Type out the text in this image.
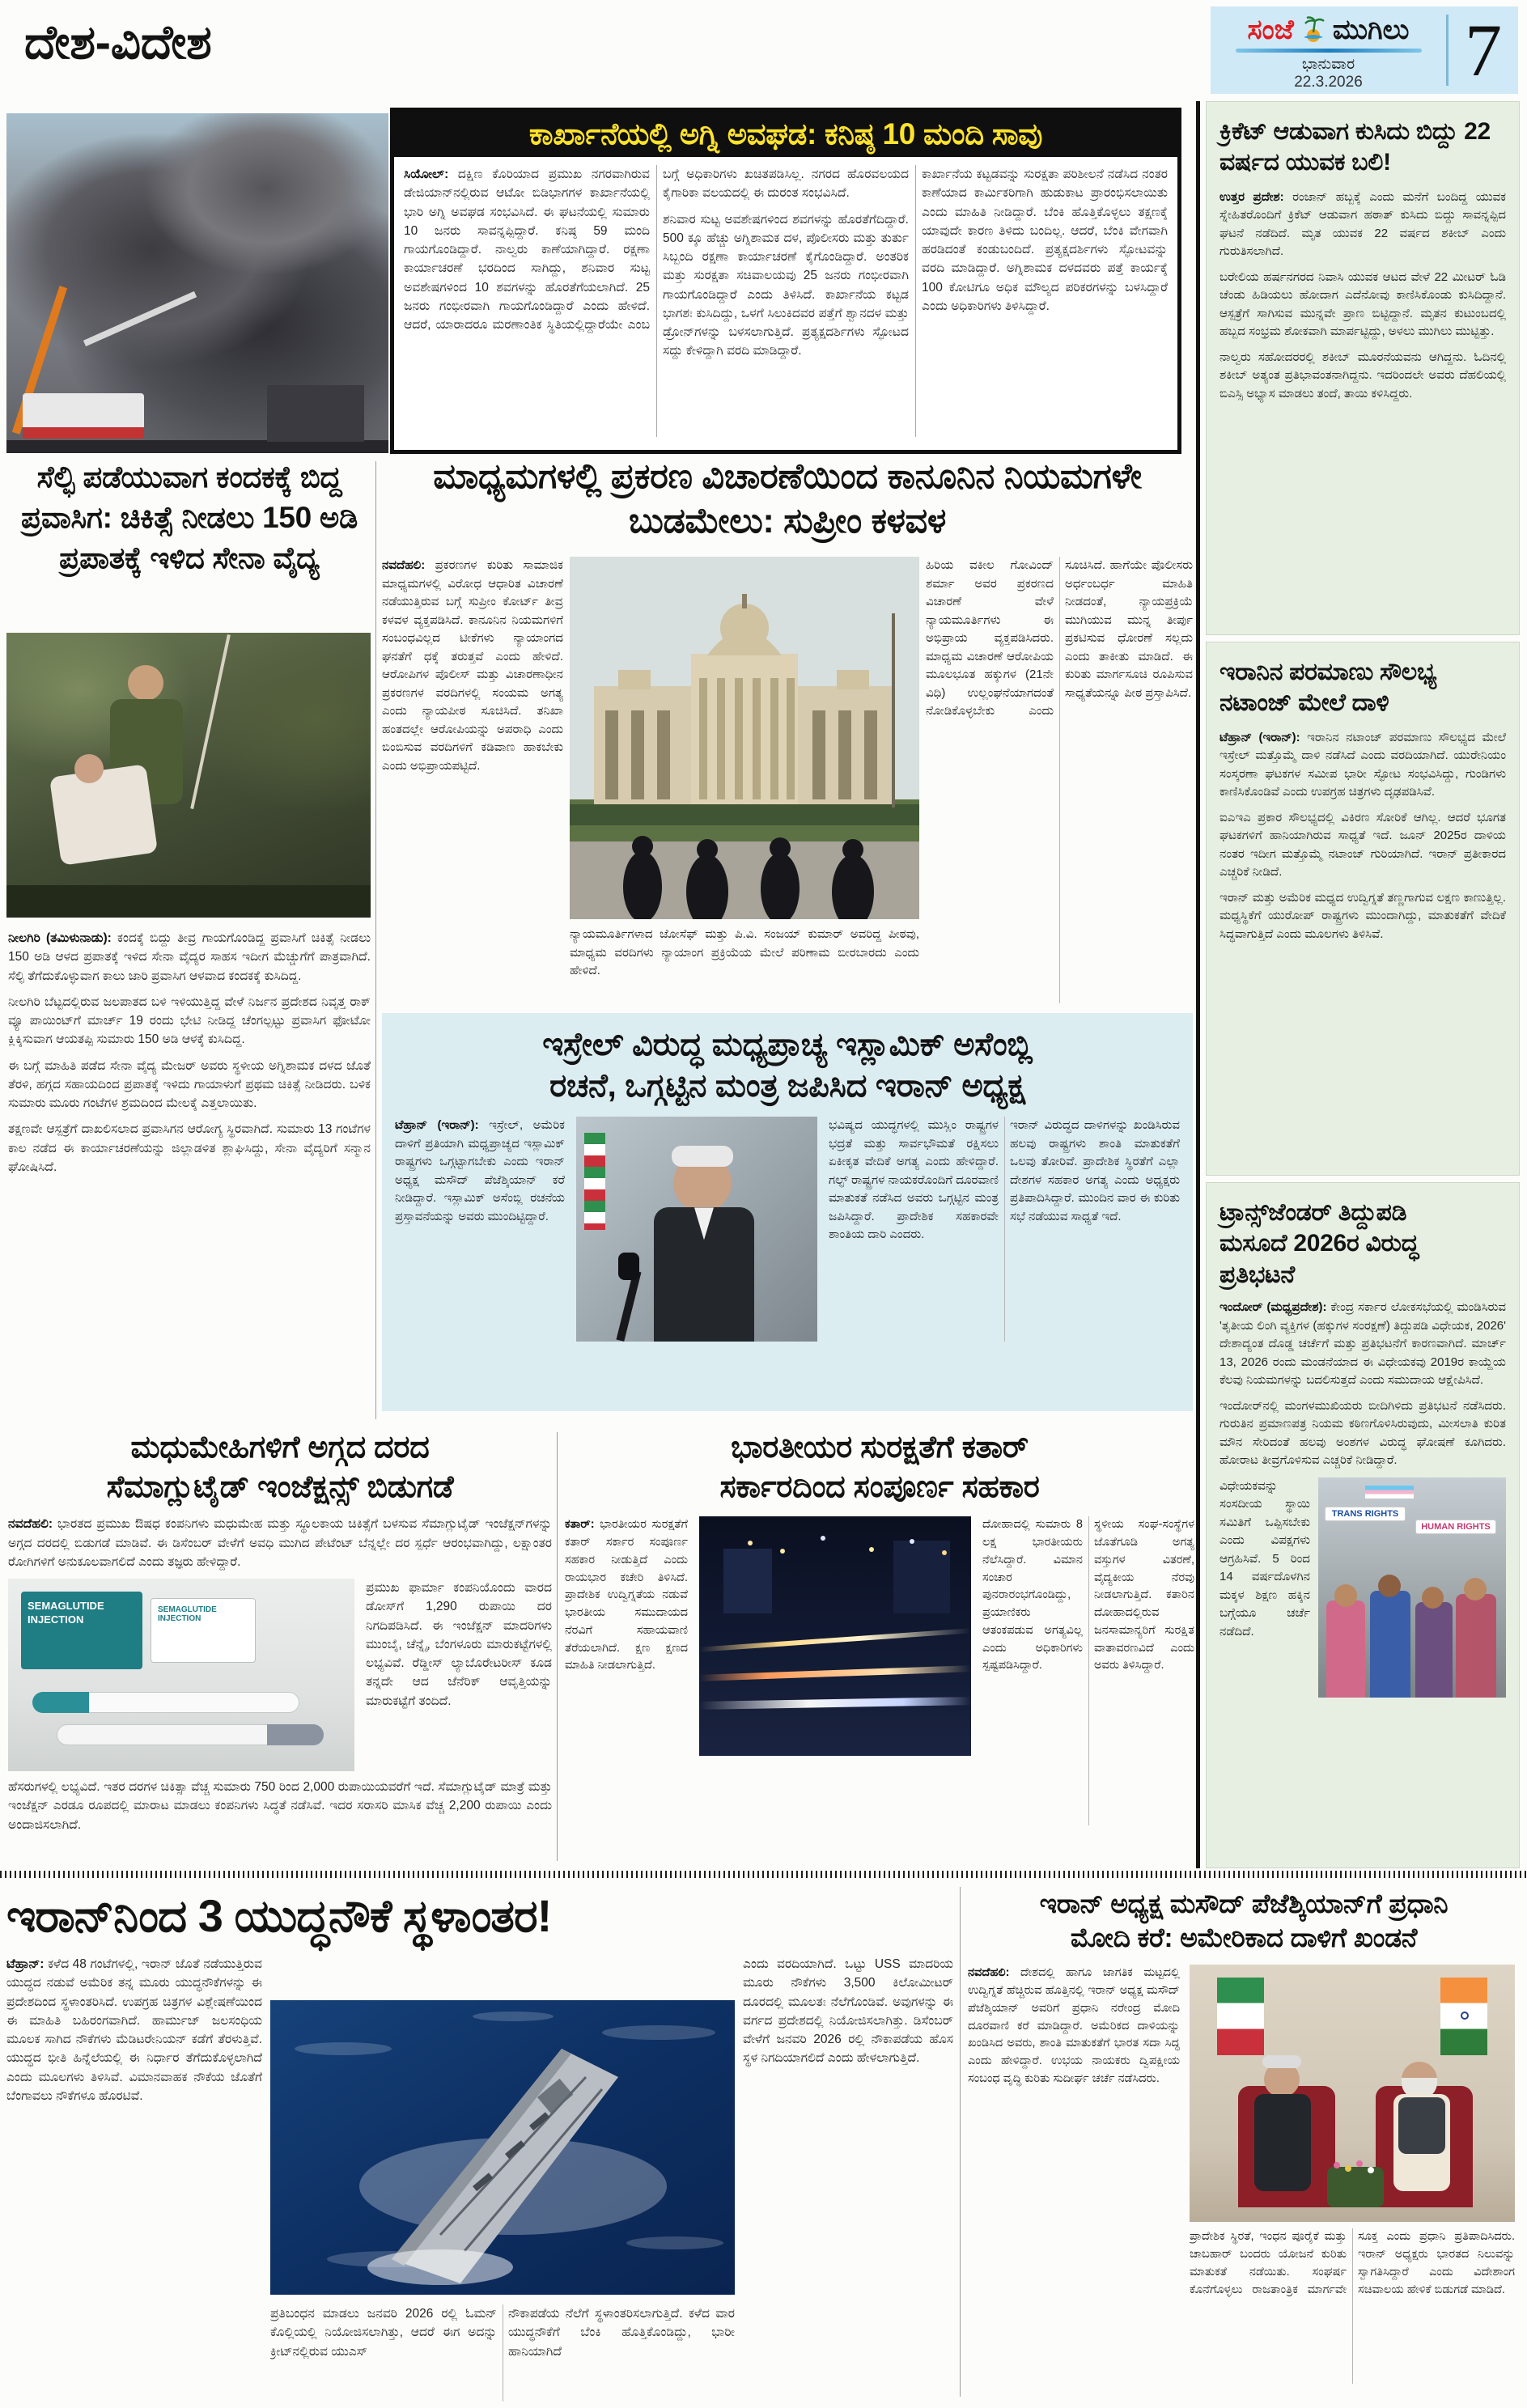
ದೇಶ-ವಿದೇಶ	ಸಂಜೆ ಮುಗಿಲು
ಭಾನುವಾರ
22.3.2026	7
ಕಾರ್ಖಾನೆಯಲ್ಲಿ ಅಗ್ನಿ ಅವಘಡ: ಕನಿಷ್ಠ 10 ಮಂದಿ ಸಾವು

ಸಿಯೋಲ್: ದಕ್ಷಿಣ ಕೊರಿಯಾದ ಪ್ರಮುಖ ನಗರವಾಗಿರುವ ಡೇಜಿಯಾನ್‌ನಲ್ಲಿರುವ ಆಟೋ ಬಿಡಿಭಾಗಗಳ ಕಾರ್ಖಾನೆಯಲ್ಲಿ ಭಾರಿ ಅಗ್ನಿ ಅವಘಡ ಸಂಭವಿಸಿದೆ. ಈ ಘಟನೆಯಲ್ಲಿ ಸುಮಾರು 10 ಜನರು ಸಾವನ್ನಪ್ಪಿದ್ದಾರೆ. ಕನಿಷ್ಠ 59 ಮಂದಿ ಗಾಯಗೊಂಡಿದ್ದಾರೆ. ನಾಲ್ವರು ಕಾಣೆಯಾಗಿದ್ದಾರೆ. ರಕ್ಷಣಾ ಕಾರ್ಯಾಚರಣೆ ಭರದಿಂದ ಸಾಗಿದ್ದು, ಶನಿವಾರ ಸುಟ್ಟ ಅವಶೇಷಗಳಿಂದ 10 ಶವಗಳನ್ನು ಹೊರತೆಗೆಯಲಾಗಿದೆ. 25 ಜನರು ಗಂಭೀರವಾಗಿ ಗಾಯಗೊಂಡಿದ್ದಾರೆ ಎಂದು ಹೇಳಿದೆ. ಆದರೆ, ಯಾರಾದರೂ ಮರಣಾಂತಿಕ ಸ್ಥಿತಿಯಲ್ಲಿದ್ದಾರೆಯೇ ಎಂಬ ಬಗ್ಗೆ ಅಧಿಕಾರಿಗಳು ಖಚಿತಪಡಿಸಿಲ್ಲ. ನಗರದ ಹೊರವಲಯದ ಕೈಗಾರಿಕಾ ವಲಯದಲ್ಲಿ ಈ ದುರಂತ ಸಂಭವಿಸಿದೆ.

ಶನಿವಾರ ಸುಟ್ಟ ಅವಶೇಷಗಳಿಂದ ಶವಗಳನ್ನು ಹೊರತೆಗೆದಿದ್ದಾರೆ. 500 ಕ್ಕೂ ಹೆಚ್ಚು ಅಗ್ನಿಶಾಮಕ ದಳ, ಪೊಲೀಸರು ಮತ್ತು ತುರ್ತು ಸಿಬ್ಬಂದಿ ರಕ್ಷಣಾ ಕಾರ್ಯಾಚರಣೆ ಕೈಗೊಂಡಿದ್ದಾರೆ. ಅಂತರಿಕ ಮತ್ತು ಸುರಕ್ಷತಾ ಸಚಿವಾಲಯವು 25 ಜನರು ಗಂಭೀರವಾಗಿ ಗಾಯಗೊಂಡಿದ್ದಾರೆ ಎಂದು ತಿಳಿಸಿದೆ. ಕಾರ್ಖಾನೆಯ ಕಟ್ಟಡ ಭಾಗಶಃ ಕುಸಿದಿದ್ದು, ಒಳಗೆ ಸಿಲುಕಿದವರ ಪತ್ತೆಗೆ ಶ್ವಾನದಳ ಮತ್ತು ಡ್ರೋನ್‌ಗಳನ್ನು ಬಳಸಲಾಗುತ್ತಿದೆ. ಪ್ರತ್ಯಕ್ಷದರ್ಶಿಗಳು ಸ್ಫೋಟದ ಸದ್ದು ಕೇಳಿದ್ದಾಗಿ ವರದಿ ಮಾಡಿದ್ದಾರೆ.

ಕಾರ್ಖಾನೆಯ ಕಟ್ಟಡವನ್ನು ಸುರಕ್ಷತಾ ಪರಿಶೀಲನೆ ನಡೆಸಿದ ನಂತರ ಕಾಣೆಯಾದ ಕಾರ್ಮಿಕರಿಗಾಗಿ ಹುಡುಕಾಟ ಪ್ರಾರಂಭಿಸಲಾಯಿತು ಎಂದು ಮಾಹಿತಿ ನೀಡಿದ್ದಾರೆ. ಬೆಂಕಿ ಹೊತ್ತಿಕೊಳ್ಳಲು ತಕ್ಷಣಕ್ಕೆ ಯಾವುದೇ ಕಾರಣ ತಿಳಿದು ಬಂದಿಲ್ಲ. ಆದರೆ, ಬೆಂಕಿ ವೇಗವಾಗಿ ಹರಡಿದಂತೆ ಕಂಡುಬಂದಿದೆ. ಪ್ರತ್ಯಕ್ಷದರ್ಶಿಗಳು ಸ್ಫೋಟವನ್ನು ವರದಿ ಮಾಡಿದ್ದಾರೆ. ಅಗ್ನಿಶಾಮಕ ದಳದವರು ಪತ್ತೆ ಕಾರ್ಯಕ್ಕೆ 100 ಕೋಟಿಗೂ ಅಧಿಕ ಮೌಲ್ಯದ ಪರಿಕರಗಳನ್ನು ಬಳಸಿದ್ದಾರೆ ಎಂದು ಅಧಿಕಾರಿಗಳು ತಿಳಿಸಿದ್ದಾರೆ.

ಕ್ರಿಕೆಟ್ ಆಡುವಾಗ ಕುಸಿದು ಬಿದ್ದು 22 ವರ್ಷದ ಯುವಕ ಬಲಿ!

ಉತ್ತರ ಪ್ರದೇಶ: ರಂಜಾನ್ ಹಬ್ಬಕ್ಕೆ ಎಂದು ಮನೆಗೆ ಬಂದಿದ್ದ ಯುವಕ ಸ್ನೇಹಿತರೊಂದಿಗೆ ಕ್ರಿಕೆಟ್ ಆಡುವಾಗ ಹಠಾತ್ ಕುಸಿದು ಬಿದ್ದು ಸಾವನ್ನಪ್ಪಿದ ಘಟನೆ ನಡೆದಿದೆ. ಮೃತ ಯುವಕ 22 ವರ್ಷದ ಶಕೀಬ್ ಎಂದು ಗುರುತಿಸಲಾಗಿದೆ.

ಬರೇಲಿಯ ಹರ್ಷನಗರದ ನಿವಾಸಿ ಯುವಕ ಆಟದ ವೇಳೆ 22 ಮೀಟರ್ ಓಡಿ ಚೆಂಡು ಹಿಡಿಯಲು ಹೋದಾಗ ಎದೆನೋವು ಕಾಣಿಸಿಕೊಂಡು ಕುಸಿದಿದ್ದಾನೆ. ಆಸ್ಪತ್ರೆಗೆ ಸಾಗಿಸುವ ಮುನ್ನವೇ ಪ್ರಾಣ ಬಿಟ್ಟಿದ್ದಾನೆ. ಮೃತನ ಕುಟುಂಬದಲ್ಲಿ ಹಬ್ಬದ ಸಂಭ್ರಮ ಶೋಕವಾಗಿ ಮಾರ್ಪಟ್ಟಿದ್ದು, ಅಳಲು ಮುಗಿಲು ಮುಟ್ಟಿತ್ತು.

ನಾಲ್ವರು ಸಹೋದರರಲ್ಲಿ ಶಕೀಬ್ ಮೂರನೆಯವನು ಆಗಿದ್ದನು. ಓದಿನಲ್ಲಿ ಶಕೀಬ್ ಅತ್ಯಂತ ಪ್ರತಿಭಾವಂತನಾಗಿದ್ದನು. ಇದರಿಂದಲೇ ಅವರು ದೆಹಲಿಯಲ್ಲಿ ಬಿಎಸ್ಸಿ ಅಭ್ಯಾಸ ಮಾಡಲು ತಂದೆ, ತಾಯಿ ಕಳಿಸಿದ್ದರು.

ಇರಾನಿನ ಪರಮಾಣು ಸೌಲಭ್ಯ
ನಟಾಂಜ್ ಮೇಲೆ ದಾಳಿ

ಟೆಹ್ರಾನ್ (ಇರಾನ್): ಇರಾನಿನ ನಟಾಂಜ್ ಪರಮಾಣು ಸೌಲಭ್ಯದ ಮೇಲೆ ಇಸ್ರೇಲ್ ಮತ್ತೊಮ್ಮೆ ದಾಳಿ ನಡೆಸಿದೆ ಎಂದು ವರದಿಯಾಗಿದೆ. ಯುರೇನಿಯಂ ಸಂಸ್ಕರಣಾ ಘಟಕಗಳ ಸಮೀಪ ಭಾರೀ ಸ್ಫೋಟ ಸಂಭವಿಸಿದ್ದು, ಗುಂಡಿಗಳು ಕಾಣಿಸಿಕೊಂಡಿವೆ ಎಂದು ಉಪಗ್ರಹ ಚಿತ್ರಗಳು ದೃಢಪಡಿಸಿವೆ.

ಐಎಇಎ ಪ್ರಕಾರ ಸೌಲಭ್ಯದಲ್ಲಿ ವಿಕಿರಣ ಸೋರಿಕೆ ಆಗಿಲ್ಲ. ಆದರೆ ಭೂಗತ ಘಟಕಗಳಿಗೆ ಹಾನಿಯಾಗಿರುವ ಸಾಧ್ಯತೆ ಇದೆ. ಜೂನ್ 2025ರ ದಾಳಿಯ ನಂತರ ಇದೀಗ ಮತ್ತೊಮ್ಮೆ ನಟಾಂಜ್ ಗುರಿಯಾಗಿದೆ. ಇರಾನ್ ಪ್ರತೀಕಾರದ ಎಚ್ಚರಿಕೆ ನೀಡಿದೆ.

ಇರಾನ್ ಮತ್ತು ಅಮೆರಿಕ ಮಧ್ಯದ ಉದ್ವಿಗ್ನತೆ ತಣ್ಣಗಾಗುವ ಲಕ್ಷಣ ಕಾಣುತ್ತಿಲ್ಲ. ಮಧ್ಯಸ್ಥಿಕೆಗೆ ಯುರೋಪ್ ರಾಷ್ಟ್ರಗಳು ಮುಂದಾಗಿದ್ದು, ಮಾತುಕತೆಗೆ ವೇದಿಕೆ ಸಿದ್ಧವಾಗುತ್ತಿದೆ ಎಂದು ಮೂಲಗಳು ತಿಳಿಸಿವೆ.

ಟ್ರಾನ್ಸ್‌ಜೆಂಡರ್ ತಿದ್ದುಪಡಿ
ಮಸೂದೆ 2026ರ ವಿರುದ್ಧ
ಪ್ರತಿಭಟನೆ

ಇಂದೋರ್ (ಮಧ್ಯಪ್ರದೇಶ): ಕೇಂದ್ರ ಸರ್ಕಾರ ಲೋಕಸಭೆಯಲ್ಲಿ ಮಂಡಿಸಿರುವ 'ತೃತೀಯ ಲಿಂಗಿ ವ್ಯಕ್ತಿಗಳ (ಹಕ್ಕುಗಳ ಸಂರಕ್ಷಣೆ) ತಿದ್ದುಪಡಿ ವಿಧೇಯಕ, 2026' ದೇಶಾದ್ಯಂತ ದೊಡ್ಡ ಚರ್ಚೆಗೆ ಮತ್ತು ಪ್ರತಿಭಟನೆಗೆ ಕಾರಣವಾಗಿದೆ. ಮಾರ್ಚ್ 13, 2026 ರಂದು ಮಂಡನೆಯಾದ ಈ ವಿಧೇಯಕವು 2019ರ ಕಾಯ್ದೆಯ ಕೆಲವು ನಿಯಮಗಳನ್ನು ಬದಲಿಸುತ್ತದೆ ಎಂದು ಸಮುದಾಯ ಆಕ್ಷೇಪಿಸಿದೆ.

ಇಂದೋರ್‌ನಲ್ಲಿ ಮಂಗಳಮುಖಿಯರು ಬೀದಿಗಿಳಿದು ಪ್ರತಿಭಟನೆ ನಡೆಸಿದರು. ಗುರುತಿನ ಪ್ರಮಾಣಪತ್ರ ನಿಯಮ ಕಠಿಣಗೊಳಿಸಿರುವುದು, ಮೀಸಲಾತಿ ಕುರಿತ ಮೌನ ಸೇರಿದಂತೆ ಹಲವು ಅಂಶಗಳ ವಿರುದ್ಧ ಘೋಷಣೆ ಕೂಗಿದರು. ಹೋರಾಟ ತೀವ್ರಗೊಳಿಸುವ ಎಚ್ಚರಿಕೆ ನೀಡಿದ್ದಾರೆ.

ವಿಧೇಯಕವನ್ನು ಸಂಸದೀಯ ಸ್ಥಾಯಿ ಸಮಿತಿಗೆ ಒಪ್ಪಿಸಬೇಕು ಎಂದು ವಿಪಕ್ಷಗಳು ಆಗ್ರಹಿಸಿವೆ. 5 ರಿಂದ 14 ವರ್ಷದೊಳಗಿನ ಮಕ್ಕಳ ಶಿಕ್ಷಣ ಹಕ್ಕಿನ ಬಗ್ಗೆಯೂ ಚರ್ಚೆ ನಡೆದಿದೆ.

TRANS RIGHTS
HUMAN RIGHTS
ಸೆಲ್ಫಿ ಪಡೆಯುವಾಗ ಕಂದಕಕ್ಕೆ ಬಿದ್ದ ಪ್ರವಾಸಿಗ: ಚಿಕಿತ್ಸೆ ನೀಡಲು 150 ಅಡಿ ಪ್ರಪಾತಕ್ಕೆ ಇಳಿದ ಸೇನಾ ವೈದ್ಯ

ನೀಲಗಿರಿ (ತಮಿಳುನಾಡು): ಕಂದಕ್ಕೆ ಬಿದ್ದು ತೀವ್ರ ಗಾಯಗೊಂಡಿದ್ದ ಪ್ರವಾಸಿಗೆ ಚಿಕಿತ್ಸೆ ನೀಡಲು 150 ಅಡಿ ಆಳದ ಪ್ರಪಾತಕ್ಕೆ ಇಳಿದ ಸೇನಾ ವೈದ್ಯರ ಸಾಹಸ ಇದೀಗ ಮೆಚ್ಚುಗೆಗೆ ಪಾತ್ರವಾಗಿದೆ. ಸೆಲ್ಫಿ ತೆಗೆದುಕೊಳ್ಳುವಾಗ ಕಾಲು ಜಾರಿ ಪ್ರವಾಸಿಗ ಆಳವಾದ ಕಂದಕಕ್ಕೆ ಕುಸಿದಿದ್ದ.

ನೀಲಗಿರಿ ಬೆಟ್ಟದಲ್ಲಿರುವ ಜಲಪಾತದ ಬಳಿ ಇಳಿಯುತ್ತಿದ್ದ ವೇಳೆ ನಿರ್ಜನ ಪ್ರದೇಶದ ನಿವೃತ್ತ ರಾಕ್ ವ್ಯೂ ಪಾಯಿಂಟ್‌ಗೆ ಮಾರ್ಚ್ 19 ರಂದು ಭೇಟಿ ನೀಡಿದ್ದ ಚೆಂಗಲ್ಪಟ್ಟು ಪ್ರವಾಸಿಗ ಫೋಟೋ ಕ್ಲಿಕ್ಕಿಸುವಾಗ ಆಯತಪ್ಪಿ ಸುಮಾರು 150 ಅಡಿ ಆಳಕ್ಕೆ ಕುಸಿದಿದ್ದ.

ಈ ಬಗ್ಗೆ ಮಾಹಿತಿ ಪಡೆದ ಸೇನಾ ವೈದ್ಯ ಮೇಜರ್ ಅವರು ಸ್ಥಳೀಯ ಅಗ್ನಿಶಾಮಕ ದಳದ ಜೊತೆ ತೆರಳಿ, ಹಗ್ಗದ ಸಹಾಯದಿಂದ ಪ್ರಪಾತಕ್ಕೆ ಇಳಿದು ಗಾಯಾಳುಗೆ ಪ್ರಥಮ ಚಿಕಿತ್ಸೆ ನೀಡಿದರು. ಬಳಿಕ ಸುಮಾರು ಮೂರು ಗಂಟೆಗಳ ಶ್ರಮದಿಂದ ಮೇಲಕ್ಕೆ ಎತ್ತಲಾಯಿತು.

ತಕ್ಷಣವೇ ಆಸ್ಪತ್ರೆಗೆ ದಾಖಲಿಸಲಾದ ಪ್ರವಾಸಿಗನ ಆರೋಗ್ಯ ಸ್ಥಿರವಾಗಿದೆ. ಸುಮಾರು 13 ಗಂಟೆಗಳ ಕಾಲ ನಡೆದ ಈ ಕಾರ್ಯಾಚರಣೆಯನ್ನು ಜಿಲ್ಲಾಡಳಿತ ಶ್ಲಾಘಿಸಿದ್ದು, ಸೇನಾ ವೈದ್ಯರಿಗೆ ಸನ್ಮಾನ ಘೋಷಿಸಿದೆ.

ಮಾಧ್ಯಮಗಳಲ್ಲಿ ಪ್ರಕರಣ ವಿಚಾರಣೆಯಿಂದ ಕಾನೂನಿನ ನಿಯಮಗಳೇ ಬುಡಮೇಲು: ಸುಪ್ರೀಂ ಕಳವಳ

ನವದೆಹಲಿ: ಪ್ರಕರಣಗಳ ಕುರಿತು ಸಾಮಾಜಿಕ ಮಾಧ್ಯಮಗಳಲ್ಲಿ ವಿರೋಧ ಆಧಾರಿತ ವಿಚಾರಣೆ ನಡೆಯುತ್ತಿರುವ ಬಗ್ಗೆ ಸುಪ್ರೀಂ ಕೋರ್ಟ್ ತೀವ್ರ ಕಳವಳ ವ್ಯಕ್ತಪಡಿಸಿದೆ. ಕಾನೂನಿನ ನಿಯಮಗಳಿಗೆ ಸಂಬಂಧವಿಲ್ಲದ ಟೀಕೆಗಳು ನ್ಯಾಯಾಂಗದ ಘನತೆಗೆ ಧಕ್ಕೆ ತರುತ್ತವೆ ಎಂದು ಹೇಳಿದೆ. ಆರೋಪಿಗಳ ಪೊಲೀಸ್ ಮತ್ತು ವಿಚಾರಣಾಧೀನ ಪ್ರಕರಣಗಳ ವರದಿಗಳಲ್ಲಿ ಸಂಯಮ ಅಗತ್ಯ ಎಂದು ನ್ಯಾಯಪೀಠ ಸೂಚಿಸಿದೆ. ತನಿಖಾ ಹಂತದಲ್ಲೇ ಆರೋಪಿಯನ್ನು ಅಪರಾಧಿ ಎಂದು ಬಿಂಬಿಸುವ ವರದಿಗಳಿಗೆ ಕಡಿವಾಣ ಹಾಕಬೇಕು ಎಂದು ಅಭಿಪ್ರಾಯಪಟ್ಟಿದೆ.

ಹಿರಿಯ ವಕೀಲ ಗೋವಿಂದ್ ಶರ್ಮಾ ಅವರ ಪ್ರಕರಣದ ವಿಚಾರಣೆ ವೇಳೆ ನ್ಯಾಯಮೂರ್ತಿಗಳು ಈ ಅಭಿಪ್ರಾಯ ವ್ಯಕ್ತಪಡಿಸಿದರು. ಮಾಧ್ಯಮ ವಿಚಾರಣೆ ಆರೋಪಿಯ ಮೂಲಭೂತ ಹಕ್ಕುಗಳ (21ನೇ ವಿಧಿ) ಉಲ್ಲಂಘನೆಯಾಗದಂತೆ ನೋಡಿಕೊಳ್ಳಬೇಕು ಎಂದು ಸೂಚಿಸಿದೆ. ಹಾಗೆಯೇ ಪೊಲೀಸರು ಅರ್ಧಂಬರ್ಧ ಮಾಹಿತಿ ನೀಡದಂತೆ, ನ್ಯಾಯಪ್ರಕ್ರಿಯೆ ಮುಗಿಯುವ ಮುನ್ನ ತೀರ್ಪು ಪ್ರಕಟಿಸುವ ಧೋರಣೆ ಸಲ್ಲದು ಎಂದು ತಾಕೀತು ಮಾಡಿದೆ. ಈ ಕುರಿತು ಮಾರ್ಗಸೂಚಿ ರೂಪಿಸುವ ಸಾಧ್ಯತೆಯನ್ನೂ ಪೀಠ ಪ್ರಸ್ತಾಪಿಸಿದೆ.

ನ್ಯಾಯಮೂರ್ತಿಗಳಾದ ಜೋಸೆಫ್ ಮತ್ತು ಪಿ.ವಿ. ಸಂಜಯ್ ಕುಮಾರ್ ಅವರಿದ್ದ ಪೀಠವು, ಮಾಧ್ಯಮ ವರದಿಗಳು ನ್ಯಾಯಾಂಗ ಪ್ರಕ್ರಿಯೆಯ ಮೇಲೆ ಪರಿಣಾಮ ಬೀರಬಾರದು ಎಂದು ಹೇಳಿದೆ.

ಇಸ್ರೇಲ್ ವಿರುದ್ಧ ಮಧ್ಯಪ್ರಾಚ್ಯ ಇಸ್ಲಾಮಿಕ್ ಅಸೆಂಬ್ಲಿ
ರಚನೆ, ಒಗ್ಗಟ್ಟಿನ ಮಂತ್ರ ಜಪಿಸಿದ ಇರಾನ್ ಅಧ್ಯಕ್ಷ

ಟೆಹ್ರಾನ್ (ಇರಾನ್): ಇಸ್ರೇಲ್, ಅಮೆರಿಕ ದಾಳಿಗೆ ಪ್ರತಿಯಾಗಿ ಮಧ್ಯಪ್ರಾಚ್ಯದ ಇಸ್ಲಾಮಿಕ್ ರಾಷ್ಟ್ರಗಳು ಒಗ್ಗಟ್ಟಾಗಬೇಕು ಎಂದು ಇರಾನ್ ಅಧ್ಯಕ್ಷ ಮಸೌದ್ ಪೆಜೆಶ್ಕಿಯಾನ್ ಕರೆ ನೀಡಿದ್ದಾರೆ. ಇಸ್ಲಾಮಿಕ್ ಅಸೆಂಬ್ಲಿ ರಚನೆಯ ಪ್ರಸ್ತಾವನೆಯನ್ನು ಅವರು ಮುಂದಿಟ್ಟಿದ್ದಾರೆ.

ಭವಿಷ್ಯದ ಯುದ್ಧಗಳಲ್ಲಿ ಮುಸ್ಲಿಂ ರಾಷ್ಟ್ರಗಳ ಭದ್ರತೆ ಮತ್ತು ಸಾರ್ವಭೌಮತೆ ರಕ್ಷಿಸಲು ಏಕೀಕೃತ ವೇದಿಕೆ ಅಗತ್ಯ ಎಂದು ಹೇಳಿದ್ದಾರೆ. ಗಲ್ಫ್ ರಾಷ್ಟ್ರಗಳ ನಾಯಕರೊಂದಿಗೆ ದೂರವಾಣಿ ಮಾತುಕತೆ ನಡೆಸಿದ ಅವರು ಒಗ್ಗಟ್ಟಿನ ಮಂತ್ರ ಜಪಿಸಿದ್ದಾರೆ. ಪ್ರಾದೇಶಿಕ ಸಹಕಾರವೇ ಶಾಂತಿಯ ದಾರಿ ಎಂದರು.

ಇರಾನ್ ವಿರುದ್ಧದ ದಾಳಿಗಳನ್ನು ಖಂಡಿಸಿರುವ ಹಲವು ರಾಷ್ಟ್ರಗಳು ಶಾಂತಿ ಮಾತುಕತೆಗೆ ಒಲವು ತೋರಿವೆ. ಪ್ರಾದೇಶಿಕ ಸ್ಥಿರತೆಗೆ ಎಲ್ಲಾ ದೇಶಗಳ ಸಹಕಾರ ಅಗತ್ಯ ಎಂದು ಅಧ್ಯಕ್ಷರು ಪ್ರತಿಪಾದಿಸಿದ್ದಾರೆ. ಮುಂದಿನ ವಾರ ಈ ಕುರಿತು ಸಭೆ ನಡೆಯುವ ಸಾಧ್ಯತೆ ಇದೆ.

ಮಧುಮೇಹಿಗಳಿಗೆ ಅಗ್ಗದ ದರದ
ಸೆಮಾಗ್ಲುಟೈಡ್ ಇಂಜೆಕ್ಷನ್ಸ್ ಬಿಡುಗಡೆ

ನವದೆಹಲಿ: ಭಾರತದ ಪ್ರಮುಖ ಔಷಧ ಕಂಪನಿಗಳು ಮಧುಮೇಹ ಮತ್ತು ಸ್ಥೂಲಕಾಯ ಚಿಕಿತ್ಸೆಗೆ ಬಳಸುವ ಸೆಮಾಗ್ಲುಟೈಡ್ ಇಂಜೆಕ್ಷನ್‌ಗಳನ್ನು ಅಗ್ಗದ ದರದಲ್ಲಿ ಬಿಡುಗಡೆ ಮಾಡಿವೆ. ಈ ಡಿಸೆಂಬರ್ ವೇಳೆಗೆ ಅವಧಿ ಮುಗಿದ ಪೇಟೆಂಟ್ ಬೆನ್ನಲ್ಲೇ ದರ ಸ್ಪರ್ಧೆ ಆರಂಭವಾಗಿದ್ದು, ಲಕ್ಷಾಂತರ ರೋಗಿಗಳಿಗೆ ಅನುಕೂಲವಾಗಲಿದೆ ಎಂದು ತಜ್ಞರು ಹೇಳಿದ್ದಾರೆ.

SEMAGLUTIDE
INJECTION
SEMAGLUTIDE
INJECTION

ಪ್ರಮುಖ ಫಾರ್ಮಾ ಕಂಪನಿಯೊಂದು ವಾರದ ಡೋಸ್‌ಗೆ 1,290 ರುಪಾಯಿ ದರ ನಿಗದಿಪಡಿಸಿದೆ. ಈ ಇಂಜೆಕ್ಷನ್ ಮಾದರಿಗಳು ಮುಂಬೈ, ಚೆನ್ನೈ, ಬೆಂಗಳೂರು ಮಾರುಕಟ್ಟೆಗಳಲ್ಲಿ ಲಭ್ಯವಿವೆ. ರೆಡ್ಡೀಸ್ ಲ್ಯಾಬೊರೇಟರೀಸ್ ಕೂಡ ತನ್ನದೇ ಆದ ಜೆನೆರಿಕ್ ಆವೃತ್ತಿಯನ್ನು ಮಾರುಕಟ್ಟೆಗೆ ತಂದಿದೆ.

ಹೆಸರುಗಳಲ್ಲಿ ಲಭ್ಯವಿದೆ. ಇತರ ದರಗಳ ಚಿಕಿತ್ಸಾ ವೆಚ್ಚ ಸುಮಾರು 750 ರಿಂದ 2,000 ರುಪಾಯಿಯವರೆಗೆ ಇದೆ. ಸೆಮಾಗ್ಲುಟೈಡ್ ಮಾತ್ರೆ ಮತ್ತು ಇಂಜೆಕ್ಷನ್ ಎರಡೂ ರೂಪದಲ್ಲಿ ಮಾರಾಟ ಮಾಡಲು ಕಂಪನಿಗಳು ಸಿದ್ಧತೆ ನಡೆಸಿವೆ. ಇದರ ಸರಾಸರಿ ಮಾಸಿಕ ವೆಚ್ಚ 2,200 ರುಪಾಯಿ ಎಂದು ಅಂದಾಜಿಸಲಾಗಿದೆ.

ಭಾರತೀಯರ ಸುರಕ್ಷತೆಗೆ ಕತಾರ್
ಸರ್ಕಾರದಿಂದ ಸಂಪೂರ್ಣ ಸಹಕಾರ

ಕತಾರ್: ಭಾರತೀಯರ ಸುರಕ್ಷತೆಗೆ ಕತಾರ್ ಸರ್ಕಾರ ಸಂಪೂರ್ಣ ಸಹಕಾರ ನೀಡುತ್ತಿದೆ ಎಂದು ರಾಯಭಾರ ಕಚೇರಿ ತಿಳಿಸಿದೆ. ಪ್ರಾದೇಶಿಕ ಉದ್ವಿಗ್ನತೆಯ ನಡುವೆ ಭಾರತೀಯ ಸಮುದಾಯದ ನೆರವಿಗೆ ಸಹಾಯವಾಣಿ ತೆರೆಯಲಾಗಿದೆ. ಕ್ಷಣ ಕ್ಷಣದ ಮಾಹಿತಿ ನೀಡಲಾಗುತ್ತಿದೆ.

ದೋಹಾದಲ್ಲಿ ಸುಮಾರು 8 ಲಕ್ಷ ಭಾರತೀಯರು ನೆಲೆಸಿದ್ದಾರೆ. ವಿಮಾನ ಸಂಚಾರ ಪುನರಾರಂಭಗೊಂಡಿದ್ದು, ಪ್ರಯಾಣಿಕರು ಆತಂಕಪಡುವ ಅಗತ್ಯವಿಲ್ಲ ಎಂದು ಅಧಿಕಾರಿಗಳು ಸ್ಪಷ್ಟಪಡಿಸಿದ್ದಾರೆ.

ಸ್ಥಳೀಯ ಸಂಘ-ಸಂಸ್ಥೆಗಳ ಜೊತೆಗೂಡಿ ಅಗತ್ಯ ವಸ್ತುಗಳ ವಿತರಣೆ, ವೈದ್ಯಕೀಯ ನೆರವು ನೀಡಲಾಗುತ್ತಿದೆ. ಕತಾರಿನ ದೋಹಾದಲ್ಲಿರುವ ಜನಸಾಮಾನ್ಯರಿಗೆ ಸುರಕ್ಷಿತ ವಾತಾವರಣವಿದೆ ಎಂದು ಅವರು ತಿಳಿಸಿದ್ದಾರೆ.

ಇರಾನ್‌ನಿಂದ 3 ಯುದ್ಧನೌಕೆ ಸ್ಥಳಾಂತರ!

ಟೆಹ್ರಾನ್: ಕಳೆದ 48 ಗಂಟೆಗಳಲ್ಲಿ, ಇರಾನ್ ಜೊತೆ ನಡೆಯುತ್ತಿರುವ ಯುದ್ಧದ ನಡುವೆ ಅಮೆರಿಕ ತನ್ನ ಮೂರು ಯುದ್ಧನೌಕೆಗಳನ್ನು ಈ ಪ್ರದೇಶದಿಂದ ಸ್ಥಳಾಂತರಿಸಿದೆ. ಉಪಗ್ರಹ ಚಿತ್ರಗಳ ವಿಶ್ಲೇಷಣೆಯಿಂದ ಈ ಮಾಹಿತಿ ಬಹಿರಂಗವಾಗಿದೆ. ಹಾರ್ಮುಜ್ ಜಲಸಂಧಿಯ ಮೂಲಕ ಸಾಗಿದ ನೌಕೆಗಳು ಮೆಡಿಟರೇನಿಯನ್ ಕಡೆಗೆ ತೆರಳುತ್ತಿವೆ. ಯುದ್ಧದ ಭೀತಿ ಹಿನ್ನೆಲೆಯಲ್ಲಿ ಈ ನಿರ್ಧಾರ ತೆಗೆದುಕೊಳ್ಳಲಾಗಿದೆ ಎಂದು ಮೂಲಗಳು ತಿಳಿಸಿವೆ. ವಿಮಾನವಾಹಕ ನೌಕೆಯ ಜೊತೆಗೆ ಬೆಂಗಾವಲು ನೌಕೆಗಳೂ ಹೊರಟಿವೆ.

ಪ್ರತಿಬಂಧನ ಮಾಡಲು ಜನವರಿ 2026 ರಲ್ಲಿ ಓಮನ್ ಕೊಲ್ಲಿಯಲ್ಲಿ ನಿಯೋಜಿಸಲಾಗಿತ್ತು, ಆದರೆ ಈಗ ಅದನ್ನು ಕ್ರೀಟ್‌ನಲ್ಲಿರುವ ಯುಎಸ್

ನೌಕಾಪಡೆಯ ನೆಲೆಗೆ ಸ್ಥಳಾಂತರಿಸಲಾಗುತ್ತಿದೆ. ಕಳೆದ ವಾರ ಯುದ್ಧನೌಕೆಗೆ ಬೆಂಕಿ ಹೊತ್ತಿಕೊಂಡಿದ್ದು, ಭಾರೀ ಹಾನಿಯಾಗಿದೆ

ಎಂದು ವರದಿಯಾಗಿದೆ. ಒಟ್ಟು USS ಮಾದರಿಯ ಮೂರು ನೌಕೆಗಳು 3,500 ಕಿಲೋಮೀಟರ್ ದೂರದಲ್ಲಿ ಮೂಲತಃ ನೆಲೆಗೊಂಡಿವೆ. ಅವುಗಳನ್ನು ಈ ವರ್ಗದ ಪ್ರದೇಶದಲ್ಲಿ ನಿಯೋಜಿಸಲಾಗಿತ್ತು. ಡಿಸೆಂಬರ್ ವೇಳೆಗೆ ಜನವರಿ 2026 ರಲ್ಲಿ ನೌಕಾಪಡೆಯ ಹೊಸ ಸ್ಥಳ ನಿಗದಿಯಾಗಲಿದೆ ಎಂದು ಹೇಳಲಾಗುತ್ತಿದೆ.

ಇರಾನ್ ಅಧ್ಯಕ್ಷ ಮಸೌದ್ ಪೆಜೆಶ್ಕಿಯಾನ್‌ಗೆ ಪ್ರಧಾನಿ
ಮೋದಿ ಕರೆ: ಅಮೇರಿಕಾದ ದಾಳಿಗೆ ಖಂಡನೆ

ನವದೆಹಲಿ: ದೇಶದಲ್ಲಿ ಹಾಗೂ ಜಾಗತಿಕ ಮಟ್ಟದಲ್ಲಿ ಉದ್ವಿಗ್ನತೆ ಹೆಚ್ಚಿರುವ ಹೊತ್ತಿನಲ್ಲಿ ಇರಾನ್ ಅಧ್ಯಕ್ಷ ಮಸೌದ್ ಪೆಜೆಶ್ಕಿಯಾನ್ ಅವರಿಗೆ ಪ್ರಧಾನಿ ನರೇಂದ್ರ ಮೋದಿ ದೂರವಾಣಿ ಕರೆ ಮಾಡಿದ್ದಾರೆ. ಅಮೆರಿಕದ ದಾಳಿಯನ್ನು ಖಂಡಿಸಿದ ಅವರು, ಶಾಂತಿ ಮಾತುಕತೆಗೆ ಭಾರತ ಸದಾ ಸಿದ್ಧ ಎಂದು ಹೇಳಿದ್ದಾರೆ. ಉಭಯ ನಾಯಕರು ದ್ವಿಪಕ್ಷೀಯ ಸಂಬಂಧ ವೃದ್ಧಿ ಕುರಿತು ಸುದೀರ್ಘ ಚರ್ಚೆ ನಡೆಸಿದರು.

ಪ್ರಾದೇಶಿಕ ಸ್ಥಿರತೆ, ಇಂಧನ ಪೂರೈಕೆ ಮತ್ತು ಚಾಬಹಾರ್ ಬಂದರು ಯೋಜನೆ ಕುರಿತು ಮಾತುಕತೆ ನಡೆಯಿತು. ಸಂಘರ್ಷ ಕೊನೆಗೊಳ್ಳಲು ರಾಜತಾಂತ್ರಿಕ ಮಾರ್ಗವೇ ಸೂಕ್ತ ಎಂದು ಪ್ರಧಾನಿ ಪ್ರತಿಪಾದಿಸಿದರು. ಇರಾನ್ ಅಧ್ಯಕ್ಷರು ಭಾರತದ ನಿಲುವನ್ನು ಸ್ವಾಗತಿಸಿದ್ದಾರೆ ಎಂದು ವಿದೇಶಾಂಗ ಸಚಿವಾಲಯ ಹೇಳಿಕೆ ಬಿಡುಗಡೆ ಮಾಡಿದೆ.
